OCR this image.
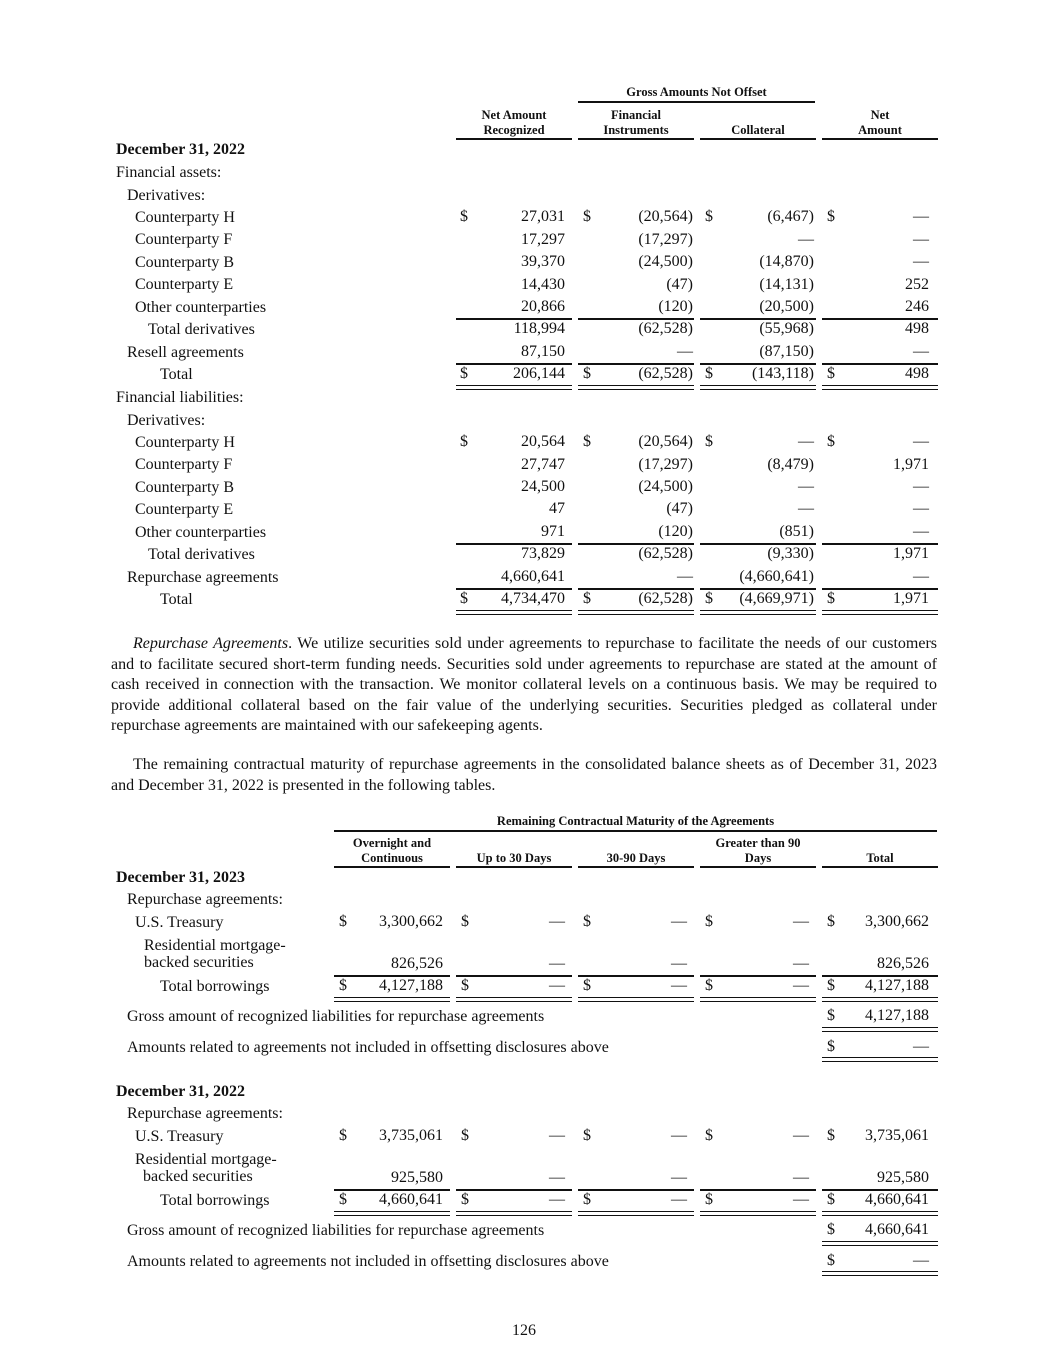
Gross Amounts Not Offset
Net Amount
Recognized
Financial
Instruments	Collateral
Net
Amount
December 31, 2022
Financial assets:
Derivatives:
Counterparty H	$	27,031 $	(20,564) $	(6,467) $	—
Counterparty F	17,297	(17,297)	—	—
Counterparty B	39,370	(24,500)	(14,870)	—
Counterparty E	14,430	(47)	(14,131)	252
Other counterparties	20,866	(120)	(20,500)	246
Total derivatives	118,994	(62,528)	(55,968)	498
Resell agreements	87,150	—	(87,150)	—
Total	$	206,144 $	(62,528) $ (143,118) $	498
Financial liabilities:
Derivatives:
Counterparty H	$	20,564 $	(20,564) $	— $	—
Counterparty F	27,747	(17,297)	(8,479)	1,971
Counterparty B	24,500	(24,500)	—	—
Counterparty E	47	(47)	—	—
Other counterparties	971	(120)	(851)	—
Total derivatives	73,829	(62,528)	(9,330)	1,971
Repurchase agreements	4,660,641	—	(4,660,641)	—
Total	$ 4,734,470 $	(62,528) $ (4,669,971) $	1,971
Repurchase Agreements. We utilize securities sold under agreements to repurchase to facilitate the needs of our customers and to facilitate secured short-term funding needs. Securities sold under agreements to repurchase are stated at the amount of cash received in connection with the transaction. We monitor collateral levels on a continuous basis. We may be required to provide additional collateral based on the fair value of the underlying securities. Securities pledged as collateral under repurchase agreements are maintained with our safekeeping agents.
The remaining contractual maturity of repurchase agreements in the consolidated balance sheets as of December 31, 2023 and December 31, 2022 is presented in the following tables.
Remaining Contractual Maturity of the Agreements
Overnight and
Continuous	Up to 30 Days	30-90 Days
Greater than 90
Days	Total
December 31, 2023
Repurchase agreements:
U.S. Treasury	$ 3,300,662 $	— $	— $	— $ 3,300,662
Residential mortgage-
backed securities	826,526	—	—	—	826,526
Total borrowings	$ 4,127,188 $	— $	— $	— $ 4,127,188
Gross amount of recognized liabilities for repurchase agreements	$ 4,127,188
Amounts related to agreements not included in offsetting disclosures above	$	—
December 31, 2022
Repurchase agreements:
U.S. Treasury	$ 3,735,061 $	— $	— $	— $ 3,735,061
Residential mortgage-
backed securities	925,580	—	—	—	925,580
Total borrowings	$ 4,660,641 $	— $	— $	— $ 4,660,641
Gross amount of recognized liabilities for repurchase agreements	$ 4,660,641
Amounts related to agreements not included in offsetting disclosures above	$	—
126
